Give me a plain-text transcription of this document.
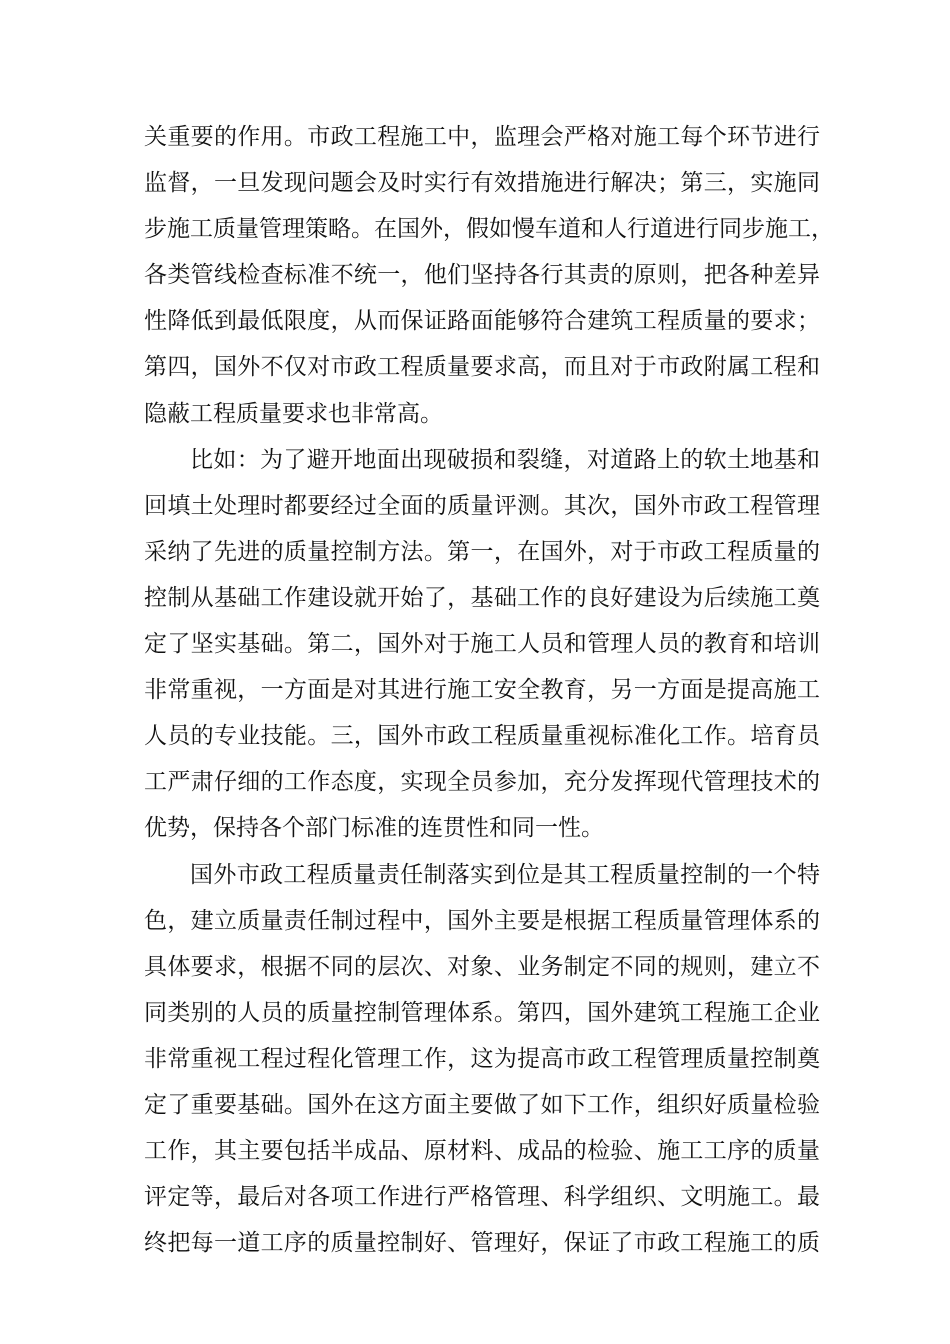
关重要的作用。市政工程施工中，监理会严格对施工每个环节进行
监督，一旦发现问题会及时实行有效措施进行解决；第三，实施同
步施工质量管理策略。在国外，假如慢车道和人行道进行同步施工，
各类管线检查标准不统一，他们坚持各行其责的原则，把各种差异
性降低到最低限度，从而保证路面能够符合建筑工程质量的要求；
第四，国外不仅对市政工程质量要求高，而且对于市政附属工程和
隐蔽工程质量要求也非常高。
比如：为了避开地面出现破损和裂缝，对道路上的软土地基和
回填土处理时都要经过全面的质量评测。其次，国外市政工程管理
采纳了先进的质量控制方法。第一，在国外，对于市政工程质量的
控制从基础工作建设就开始了，基础工作的良好建设为后续施工奠
定了坚实基础。第二，国外对于施工人员和管理人员的教育和培训
非常重视，一方面是对其进行施工安全教育，另一方面是提高施工
人员的专业技能。三，国外市政工程质量重视标准化工作。培育员
工严肃仔细的工作态度，实现全员参加，充分发挥现代管理技术的
优势，保持各个部门标准的连贯性和同一性。
国外市政工程质量责任制落实到位是其工程质量控制的一个特
色，建立质量责任制过程中，国外主要是根据工程质量管理体系的
具体要求，根据不同的层次、对象、业务制定不同的规则，建立不
同类别的人员的质量控制管理体系。第四，国外建筑工程施工企业
非常重视工程过程化管理工作，这为提高市政工程管理质量控制奠
定了重要基础。国外在这方面主要做了如下工作，组织好质量检验
工作，其主要包括半成品、原材料、成品的检验、施工工序的质量
评定等，最后对各项工作进行严格管理、科学组织、文明施工。最
终把每一道工序的质量控制好、管理好，保证了市政工程施工的质
